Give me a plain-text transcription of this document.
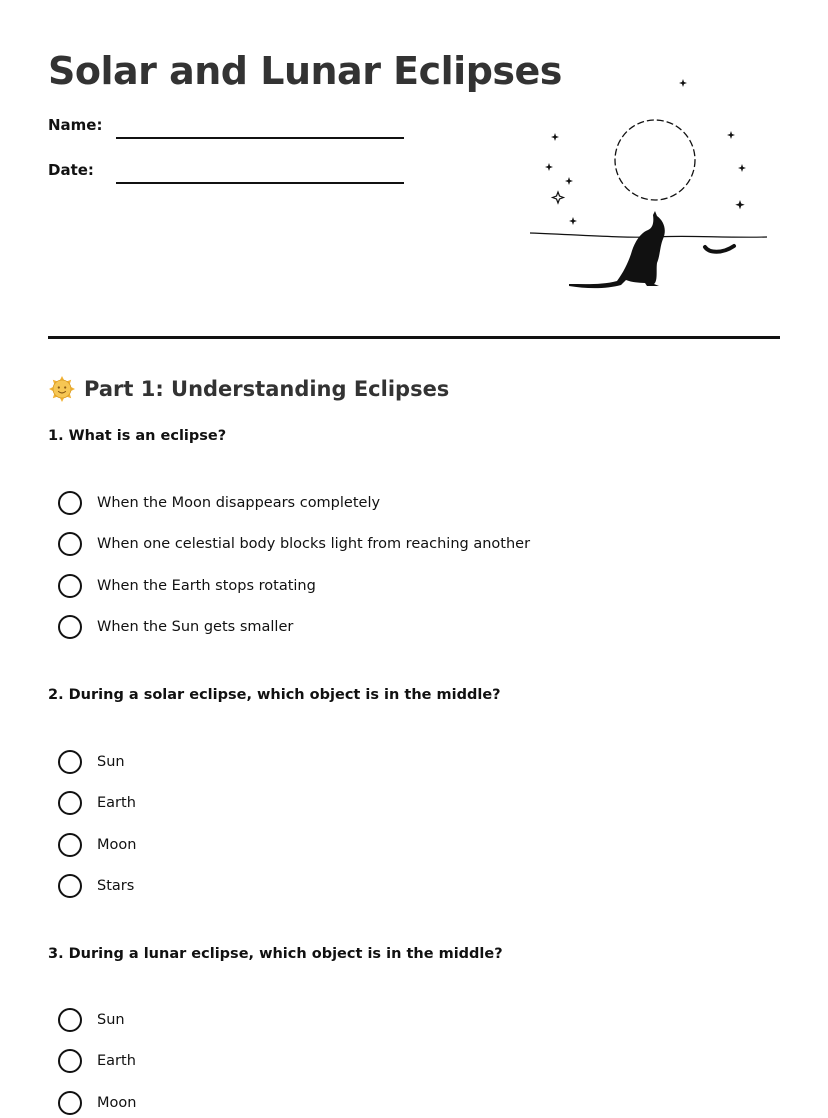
Solar and Lunar Eclipses
Name:
Date:
Part 1: Understanding Eclipses

1. What is an eclipse?

When the Moon disappears completely
When one celestial body blocks light from reaching another
When the Earth stops rotating
When the Sun gets smaller

2. During a solar eclipse, which object is in the middle?

Sun
Earth
Moon
Stars

3. During a lunar eclipse, which object is in the middle?

Sun
Earth
Moon
